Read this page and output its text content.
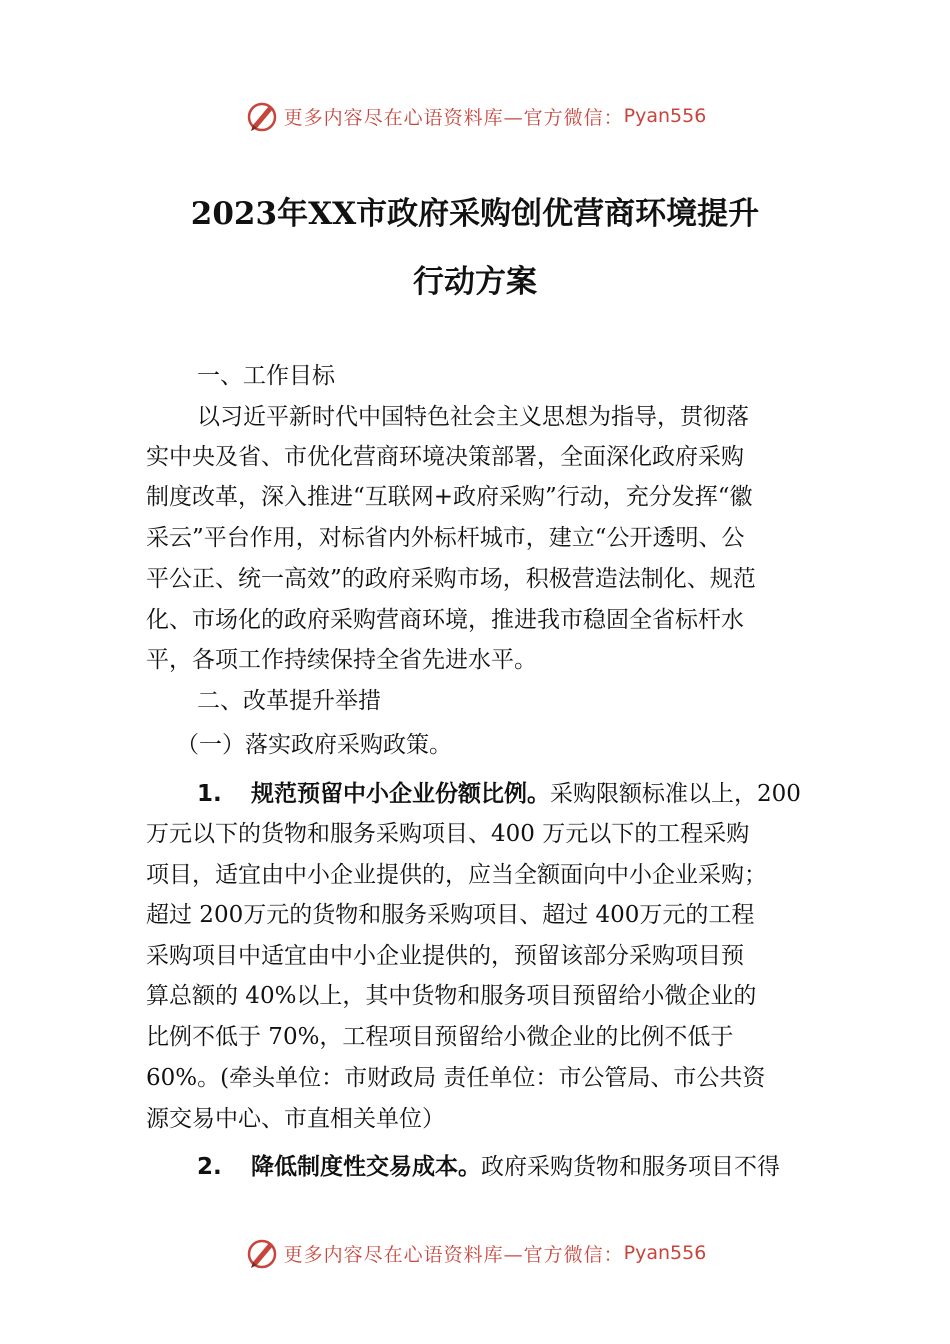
更多内容尽在心语资料库—官方微信： Pyan556
2023年XX市政府采购创优营商环境提升
行动方案
一、工作目标
以习近平新时代中国特色社会主义思想为指导，贯彻落
实中央及省、市优化营商环境决策部署，全面深化政府采购
制度改革，深入推进“互联网+政府采购”行动，充分发挥“徽
采云”平台作用，对标省内外标杆城市，建立“公开透明、公
平公正、统一高效”的政府采购市场，积极营造法制化、规范
化、市场化的政府采购营商环境，推进我市稳固全省标杆水
平，各项工作持续保持全省先进水平。
二、改革提升举措
（一）落实政府采购政策。
1. 规范预留中小企业份额比例。采购限额标准以上，200
万元以下的货物和服务采购项目、400 万元以下的工程采购
项目，适宜由中小企业提供的，应当全额面向中小企业采购；
超过 200万元的货物和服务采购项目、超过 400万元的工程
采购项目中适宜由中小企业提供的，预留该部分采购项目预
算总额的 40%以上，其中货物和服务项目预留给小微企业的
比例不低于 70%，工程项目预留给小微企业的比例不低于
60%。(牵头单位：市财政局 责任单位：市公管局、市公共资
源交易中心、市直相关单位）
2. 降低制度性交易成本。政府采购货物和服务项目不得
更多内容尽在心语资料库—官方微信： Pyan556
